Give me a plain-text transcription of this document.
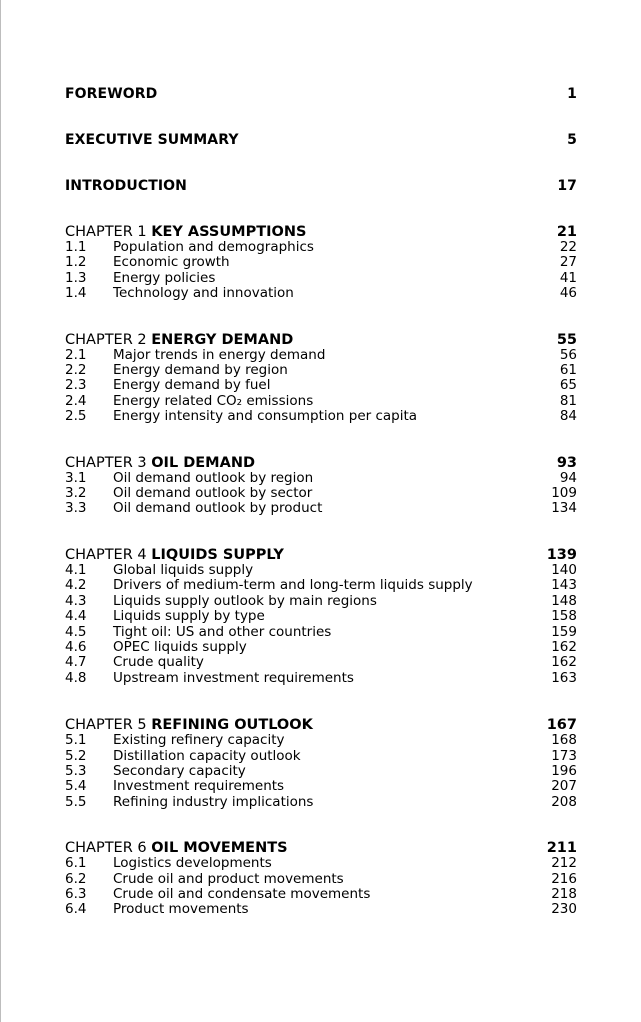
FOREWORD	1
EXECUTIVE SUMMARY	5
INTRODUCTION	17
CHAPTER 1 KEY ASSUMPTIONS	21
1.1 Population and demographics	22
1.2 Economic growth	27
1.3 Energy policies	41
1.4 Technology and innovation	46
CHAPTER 2 ENERGY DEMAND	55
2.1 Major trends in energy demand	56
2.2 Energy demand by region	61
2.3 Energy demand by fuel	65
2.4 Energy related CO₂ emissions	81
2.5 Energy intensity and consumption per capita	84
CHAPTER 3 OIL DEMAND	93
3.1 Oil demand outlook by region	94
3.2 Oil demand outlook by sector	109
3.3 Oil demand outlook by product	134
CHAPTER 4 LIQUIDS SUPPLY	139
4.1 Global liquids supply	140
4.2 Drivers of medium-term and long-term liquids supply	143
4.3 Liquids supply outlook by main regions	148
4.4 Liquids supply by type	158
4.5 Tight oil: US and other countries	159
4.6 OPEC liquids supply	162
4.7 Crude quality	162
4.8 Upstream investment requirements	163
CHAPTER 5 REFINING OUTLOOK	167
5.1 Existing refinery capacity	168
5.2 Distillation capacity outlook	173
5.3 Secondary capacity	196
5.4 Investment requirements	207
5.5 Refining industry implications	208
CHAPTER 6 OIL MOVEMENTS	211
6.1 Logistics developments	212
6.2 Crude oil and product movements	216
6.3 Crude oil and condensate movements	218
6.4 Product movements	230
